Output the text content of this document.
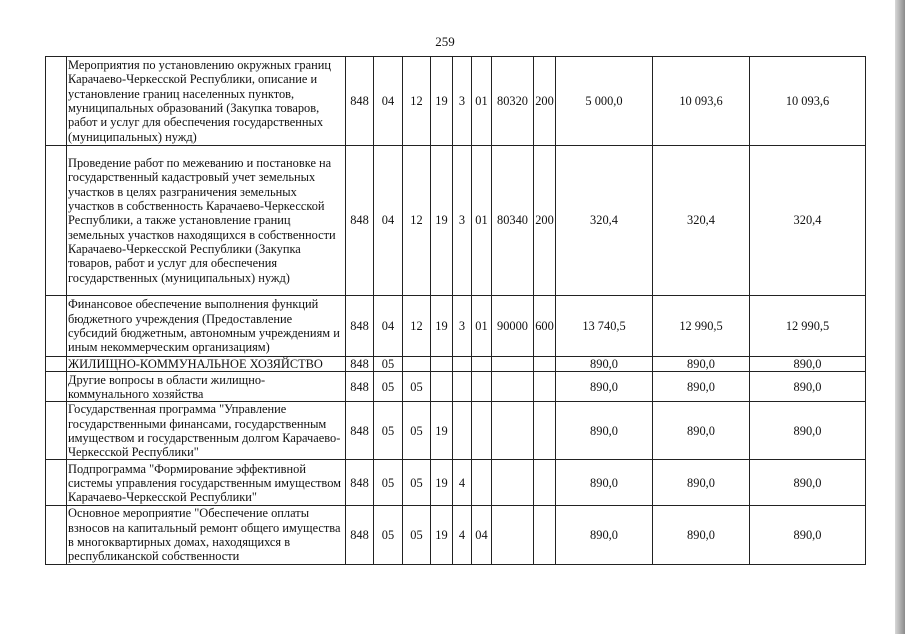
259
	Мероприятия по установлению окружных границ Карачаево-Черкесской Республики, описание и установление границ населенных пунктов, муниципальных образований (Закупка товаров, работ и услуг для обеспечения государственных (муниципальных) нужд)	848	04	12	19	3	01	80320	200	5 000,0	10 093,6	10 093,6
	Проведение работ по межеванию и постановке на государственный кадастровый учет земельных участков в целях разграничения земельных участков в собственность Карачаево-Черкесской Республики, а также установление границ земельных участков находящихся в собственности Карачаево-Черкесской Республики (Закупка товаров, работ и услуг для обеспечения государственных (муниципальных) нужд)	848	04	12	19	3	01	80340	200	320,4	320,4	320,4
	Финансовое обеспечение выполнения функций бюджетного учреждения (Предоставление субсидий бюджетным, автономным учреждениям и иным некоммерческим организациям)	848	04	12	19	3	01	90000	600	13 740,5	12 990,5	12 990,5
	ЖИЛИЩНО-КОММУНАЛЬНОЕ ХОЗЯЙСТВО	848	05							890,0	890,0	890,0
	Другие вопросы в области жилищно-коммунального хозяйства	848	05	05						890,0	890,0	890,0
	Государственная программа "Управление государственными финансами, государственным имуществом и государственным долгом Карачаево-Черкесской Республики"	848	05	05	19					890,0	890,0	890,0
	Подпрограмма "Формирование эффективной системы управления государственным имуществом Карачаево-Черкесской Республики"	848	05	05	19	4				890,0	890,0	890,0
	Основное мероприятие "Обеспечение оплаты взносов на капитальный ремонт общего имущества в многоквартирных домах, находящихся в республиканской собственности	848	05	05	19	4	04			890,0	890,0	890,0
